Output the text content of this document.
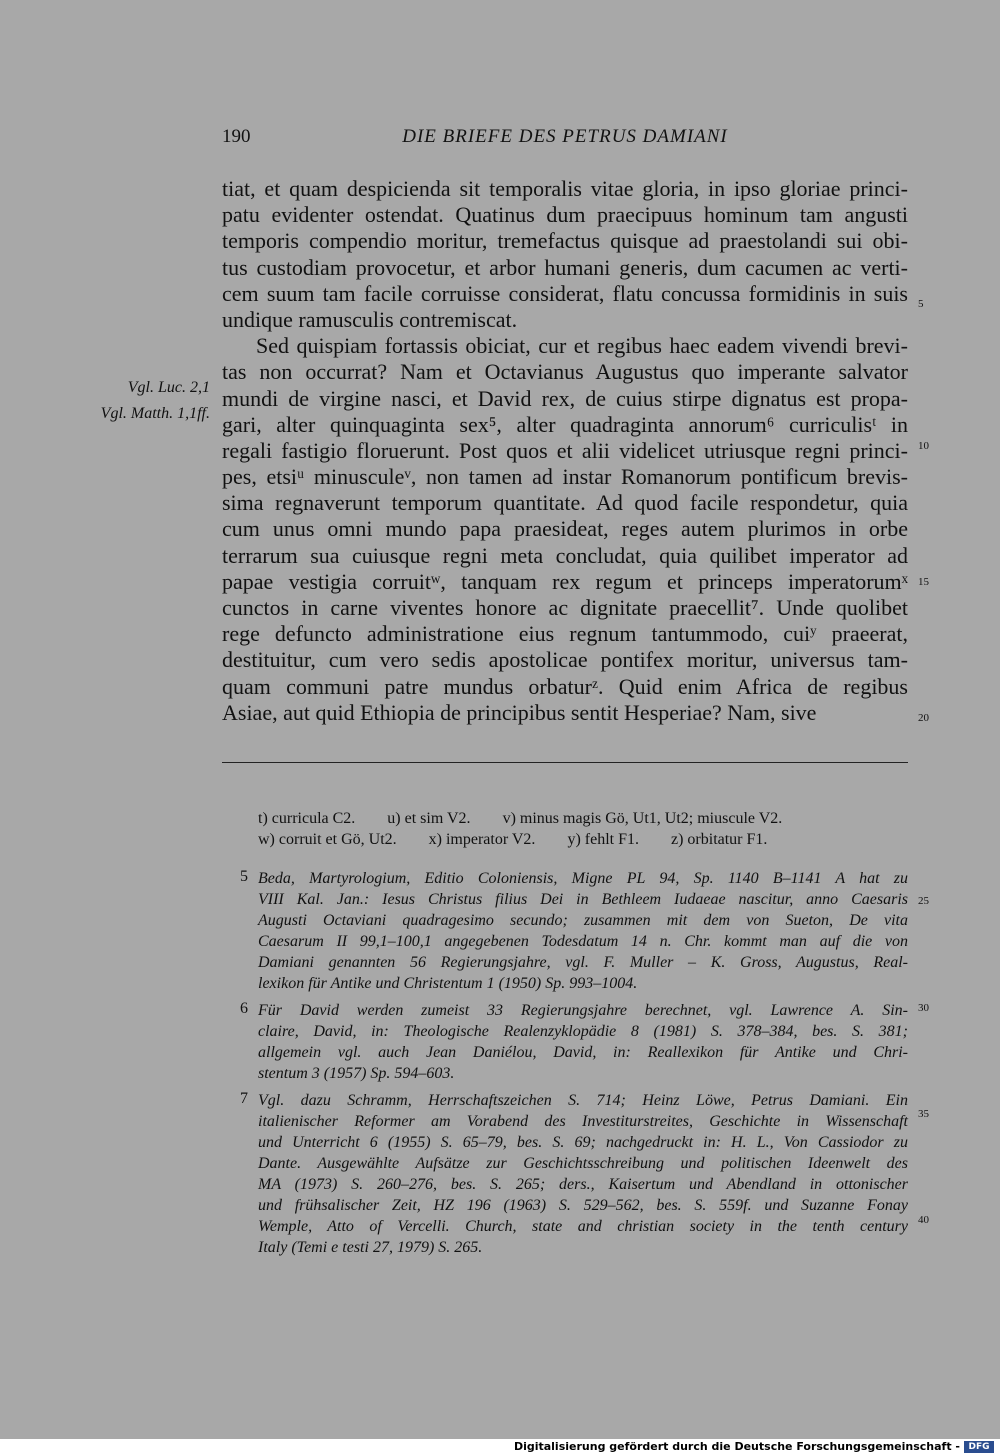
190	DIE BRIEFE DES PETRUS DAMIANI
tiat, et quam despicienda sit temporalis vitae gloria, in ipso gloriae princi-
patu evidenter ostendat. Quatinus dum praecipuus hominum tam angusti
temporis compendio moritur, tremefactus quisque ad praestolandi sui obi-
tus custodiam provocetur, et arbor humani generis, dum cacumen ac verti-
cem suum tam facile corruisse considerat, flatu concussa formidinis in suis
undique ramusculis contremiscat.
Sed quispiam fortassis obiciat, cur et regibus haec eadem vivendi brevi-
tas non occurrat? Nam et Octavianus Augustus quo imperante salvator
mundi de virgine nasci, et David rex, de cuius stirpe dignatus est propa-
gari, alter quinquaginta sex⁵, alter quadraginta annorum⁶ curriculisᵗ in
regali fastigio floruerunt. Post quos et alii videlicet utriusque regni princi-
pes, etsiᵘ minusculeᵛ, non tamen ad instar Romanorum pontificum brevis-
sima regnaverunt temporum quantitate. Ad quod facile respondetur, quia
cum unus omni mundo papa praesideat, reges autem plurimos in orbe
terrarum sua cuiusque regni meta concludat, quia quilibet imperator ad
papae vestigia corruitʷ, tanquam rex regum et princeps imperatorumˣ
cunctos in carne viventes honore ac dignitate praecellit⁷. Unde quolibet
rege defuncto administratione eius regnum tantummodo, cuiʸ praeerat,
destituitur, cum vero sedis apostolicae pontifex moritur, universus tam-
quam communi patre mundus orbaturᶻ. Quid enim Africa de regibus
Asiae, aut quid Ethiopia de principibus sentit Hesperiae? Nam, sive
Vgl. Luc. 2,1
Vgl. Matth. 1,1ff.
5
10
15
20
25
30
35
40
t) curricula C2. u) et sim V2. v) minus magis Gö, Ut1, Ut2; miuscule V2.
w) corruit et Gö, Ut2. x) imperator V2. y) fehlt F1. z) orbitatur F1.
5 Beda, Martyrologium, Editio Coloniensis, Migne PL 94, Sp. 1140 B–1141 A hat zu
VIII Kal. Jan.: Iesus Christus filius Dei in Bethleem Iudaeae nascitur, anno Caesaris
Augusti Octaviani quadragesimo secundo; zusammen mit dem von Sueton, De vita
Caesarum II 99,1–100,1 angegebenen Todesdatum 14 n. Chr. kommt man auf die von
Damiani genannten 56 Regierungsjahre, vgl. F. Muller – K. Gross, Augustus, Real-
lexikon für Antike und Christentum 1 (1950) Sp. 993–1004.
6 Für David werden zumeist 33 Regierungsjahre berechnet, vgl. Lawrence A. Sin-
claire, David, in: Theologische Realenzyklopädie 8 (1981) S. 378–384, bes. S. 381;
allgemein vgl. auch Jean Daniélou, David, in: Reallexikon für Antike und Chri-
stentum 3 (1957) Sp. 594–603.
7 Vgl. dazu Schramm, Herrschaftszeichen S. 714; Heinz Löwe, Petrus Damiani. Ein
italienischer Reformer am Vorabend des Investiturstreites, Geschichte in Wissenschaft
und Unterricht 6 (1955) S. 65–79, bes. S. 69; nachgedruckt in: H. L., Von Cassiodor zu
Dante. Ausgewählte Aufsätze zur Geschichtsschreibung und politischen Ideenwelt des
MA (1973) S. 260–276, bes. S. 265; ders., Kaisertum und Abendland in ottonischer
und frühsalischer Zeit, HZ 196 (1963) S. 529–562, bes. S. 559f. und Suzanne Fonay
Wemple, Atto of Vercelli. Church, state and christian society in the tenth century
Italy (Temi e testi 27, 1979) S. 265.
Digitalisierung gefördert durch die Deutsche Forschungsgemeinschaft - DFG
